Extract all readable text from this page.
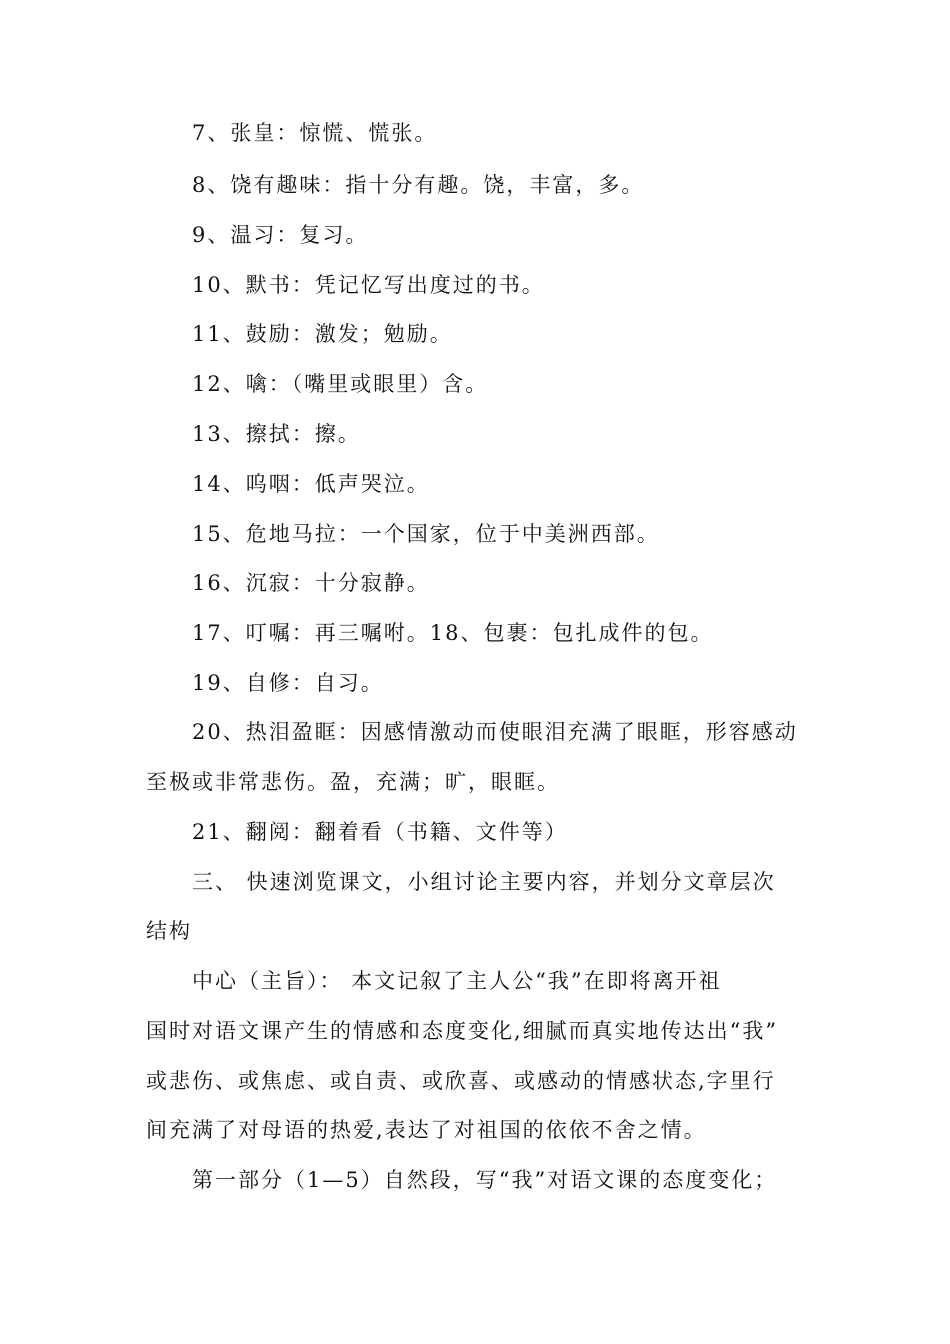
7、张皇：惊慌、慌张。
8、饶有趣味：指十分有趣。饶，丰富，多。
9、温习：复习。
10、默书：凭记忆写出度过的书。
11、鼓励：激发；勉励。
12、噙：（嘴里或眼里）含。
13、擦拭：擦。
14、呜咽：低声哭泣。
15、危地马拉：一个国家，位于中美洲西部。
16、沉寂：十分寂静。
17、叮嘱：再三嘱咐。18、包裹：包扎成件的包。
19、自修：自习。
20、热泪盈眶：因感情激动而使眼泪充满了眼眶，形容感动
至极或非常悲伤。盈，充满；旷，眼眶。
21、翻阅：翻着看（书籍、文件等）
三、 快速浏览课文，小组讨论主要内容，并划分文章层次
结构
中心（主旨）： 本文记叙了主人公“我”在即将离开祖
国时对语文课产生的情感和态度变化,细腻而真实地传达出“我”
或悲伤、或焦虑、或自责、或欣喜、或感动的情感状态,字里行
间充满了对母语的热爱,表达了对祖国的依依不舍之情。
第一部分（1—5）自然段，写“我”对语文课的态度变化；
